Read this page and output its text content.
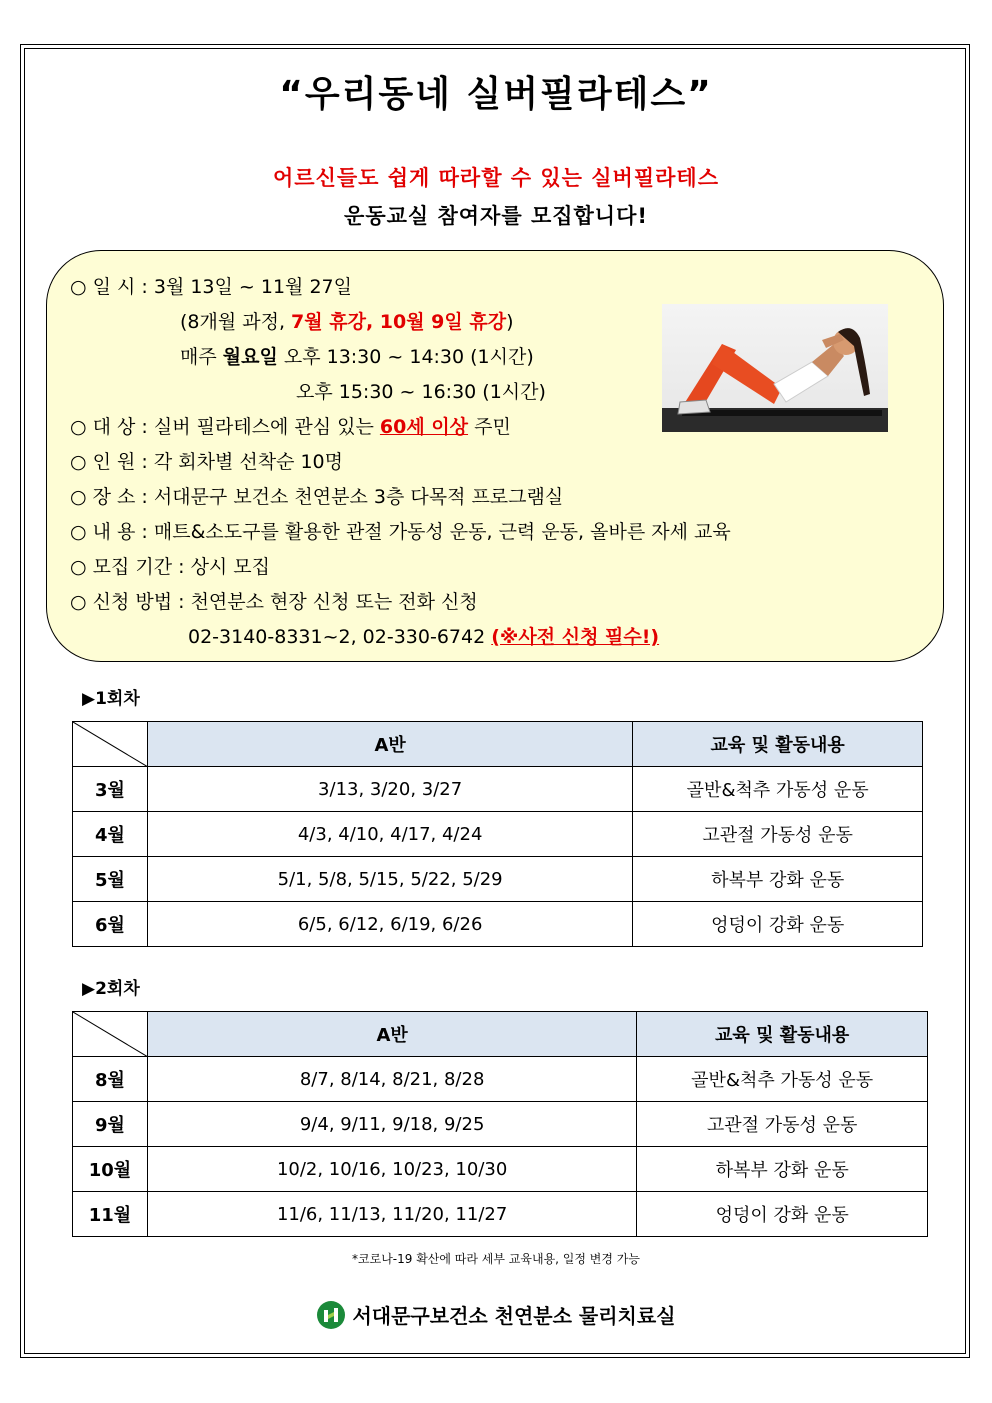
“우리동네 실버필라테스”
어르신들도 쉽게 따라할 수 있는 실버필라테스
운동교실 참여자를 모집합니다!
○ 일 시 : 3월 13일 ~ 11월 27일
(8개월 과정, 7월 휴강, 10월 9일 휴강)
매주 월요일 오후 13:30 ~ 14:30 (1시간)
오후 15:30 ~ 16:30 (1시간)
○ 대 상 : 실버 필라테스에 관심 있는 60세 이상 주민
○ 인 원 : 각 회차별 선착순 10명
○ 장 소 : 서대문구 보건소 천연분소 3층 다목적 프로그램실
○ 내 용 : 매트&소도구를 활용한 관절 가동성 운동, 근력 운동, 올바른 자세 교육
○ 모집 기간 : 상시 모집
○ 신청 방법 : 천연분소 현장 신청 또는 전화 신청
02-3140-8331~2, 02-330-6742 (※사전 신청 필수!)
▶1회차
	A반	교육 및 활동내용
3월	3/13, 3/20, 3/27	골반&척추 가동성 운동
4월	4/3, 4/10, 4/17, 4/24	고관절 가동성 운동
5월	5/1, 5/8, 5/15, 5/22, 5/29	하복부 강화 운동
6월	6/5, 6/12, 6/19, 6/26	엉덩이 강화 운동
▶2회차
	A반	교육 및 활동내용
8월	8/7, 8/14, 8/21, 8/28	골반&척추 가동성 운동
9월	9/4, 9/11, 9/18, 9/25	고관절 가동성 운동
10월	10/2, 10/16, 10/23, 10/30	하복부 강화 운동
11월	11/6, 11/13, 11/20, 11/27	엉덩이 강화 운동
*코로나-19 확산에 따라 세부 교육내용, 일정 변경 가능
서대문구보건소 천연분소 물리치료실
